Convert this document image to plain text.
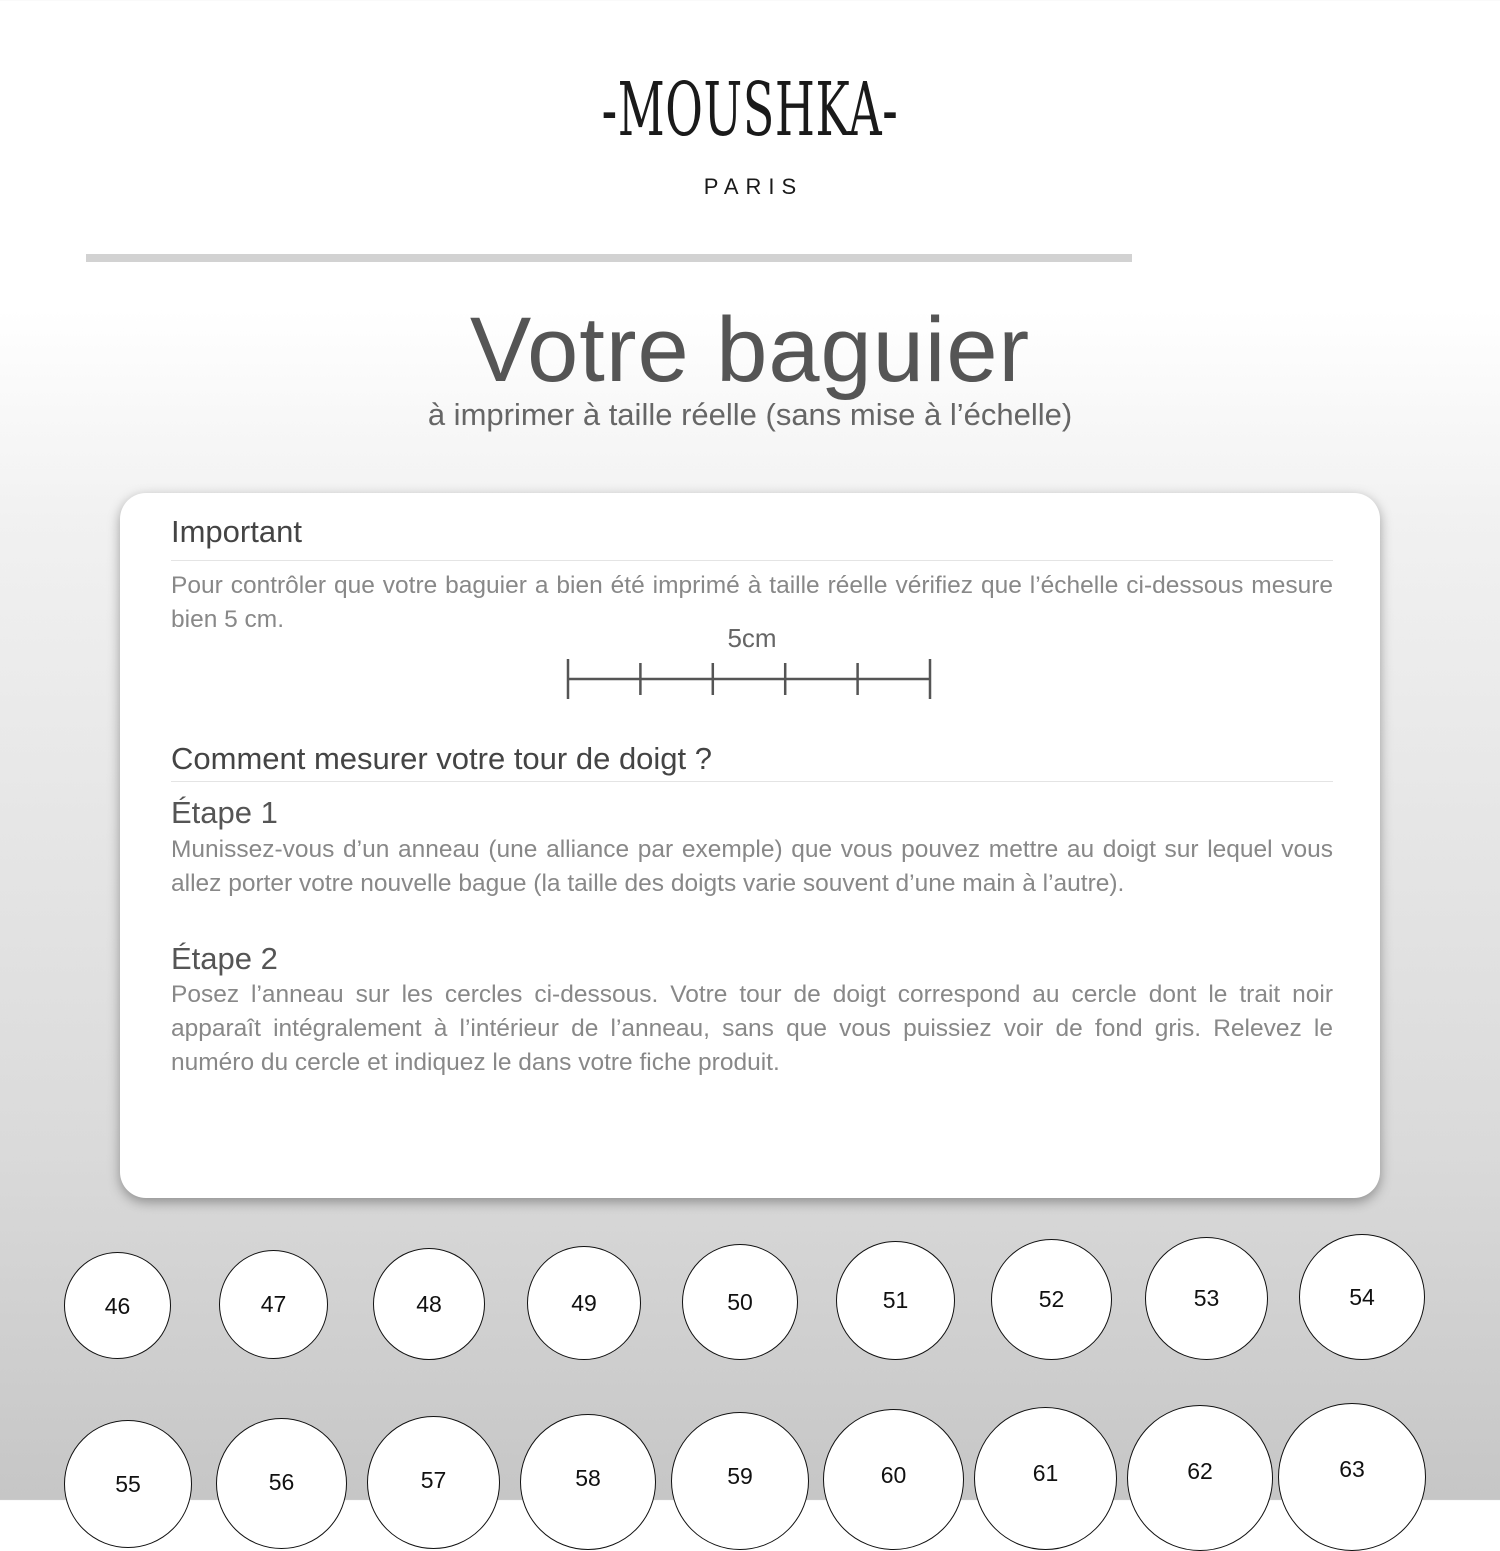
-MOUSHKA-
PARIS
Votre baguier
à imprimer à taille réelle (sans mise à l’échelle)
Important
Pour contrôler que votre baguier a bien été imprimé à taille réelle vérifiez que l’échelle ci-dessous mesure bien 5 cm.
5cm
Comment mesurer votre tour de doigt ?
Étape 1
Munissez-vous d’un anneau (une alliance par exemple) que vous pouvez mettre au doigt sur lequel vous allez porter votre nouvelle bague (la taille des doigts varie souvent d’une main à l’autre).
Étape 2
Posez l’anneau sur les cercles ci-dessous. Votre tour de doigt correspond au cercle dont le trait noir apparaît intégralement à l’intérieur de l’anneau, sans que vous puissiez voir de fond gris. Relevez le numéro du cercle et indiquez le dans votre fiche produit.
46	47	48	49	50	51	52	53	54
55	56	57	58	59	60	61	62	63
